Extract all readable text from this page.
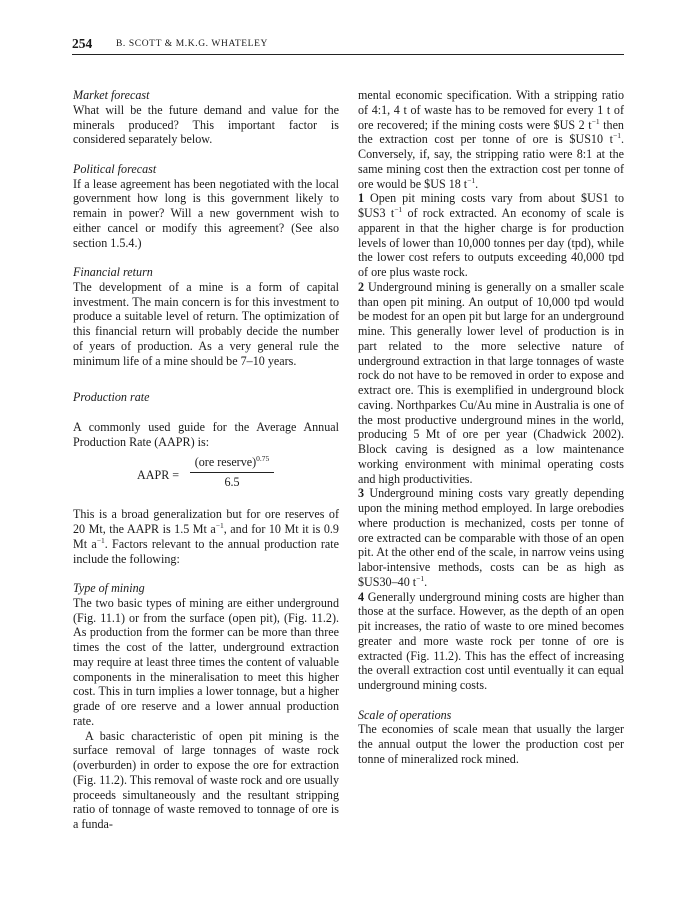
254	B. SCOTT & M.K.G. WHATELEY

Market forecast

What will be the future demand and value for the minerals produced? This important factor is considered separately below.

Political forecast

If a lease agreement has been negotiated with the local government how long is this government likely to remain in power? Will a new government wish to either cancel or modify this agreement? (See also section 1.5.4.)

Financial return

The development of a mine is a form of capital investment. The main concern is for this investment to produce a suitable level of return. The optimization of this financial return will probably decide the number of years of production. As a very general rule the minimum life of a mine should be 7–10 years.

Production rate

A commonly used guide for the Average Annual Production Rate (AAPR) is:

AAPR =
(ore reserve)$^{0.75}$
6.5

This is a broad generalization but for ore reserves of 20 Mt, the AAPR is 1.5 Mt $a^{-1}$, and for 10 Mt it is 0.9 Mt $a^{-1}$. Factors relevant to the annual production rate include the following:

Type of mining

The two basic types of mining are either underground (Fig. 11.1) or from the surface (open pit), (Fig. 11.2). As production from the former can be more than three times the cost of the latter, underground extraction may require at least three times the content of valuable components in the mineralisation to meet this higher cost. This in turn implies a lower tonnage, but a higher grade of ore reserve and a lower annual production rate.

A basic characteristic of open pit mining is the surface removal of large tonnages of waste rock (overburden) in order to expose the ore for extraction (Fig. 11.2). This removal of waste rock and ore usually proceeds simultaneously and the resultant stripping ratio of tonnage of waste removed to tonnage of ore is a funda-

mental economic specification. With a stripping ratio of 4:1, 4 t of waste has to be removed for every 1 t of ore recovered; if the mining costs were $US 2 $t^{-1}$ then the extraction cost per tonne of ore is $US10 $t^{-1}$. Conversely, if, say, the stripping ratio were 8:1 at the same mining cost then the extraction cost per tonne of ore would be $US 18 $t^{-1}$.

1 Open pit mining costs vary from about $US1 to $US3 $t^{-1}$ of rock extracted. An economy of scale is apparent in that the higher charge is for production levels of lower than 10,000 tonnes per day (tpd), while the lower cost refers to outputs exceeding 40,000 tpd of ore plus waste rock.

2 Underground mining is generally on a smaller scale than open pit mining. An output of 10,000 tpd would be modest for an open pit but large for an underground mine. This generally lower level of production is in part related to the more selective nature of underground extraction in that large tonnages of waste rock do not have to be removed in order to expose and extract ore. This is exemplified in underground block caving. Northparkes Cu/Au mine in Australia is one of the most productive underground mines in the world, producing 5 Mt of ore per year (Chadwick 2002). Block caving is designed as a low maintenance working environment with minimal operating costs and high productivities.

3 Underground mining costs vary greatly depending upon the mining method employed. In large orebodies where production is mechanized, costs per tonne of ore extracted can be comparable with those of an open pit. At the other end of the scale, in narrow veins using labor-intensive methods, costs can be as high as $US30–40 $t^{-1}$.

4 Generally underground mining costs are higher than those at the surface. However, as the depth of an open pit increases, the ratio of waste to ore mined becomes greater and more waste rock per tonne of ore is extracted (Fig. 11.2). This has the effect of increasing the overall extraction cost until eventually it can equal underground mining costs.

Scale of operations

The economies of scale mean that usually the larger the annual output the lower the production cost per tonne of mineralized rock mined.
